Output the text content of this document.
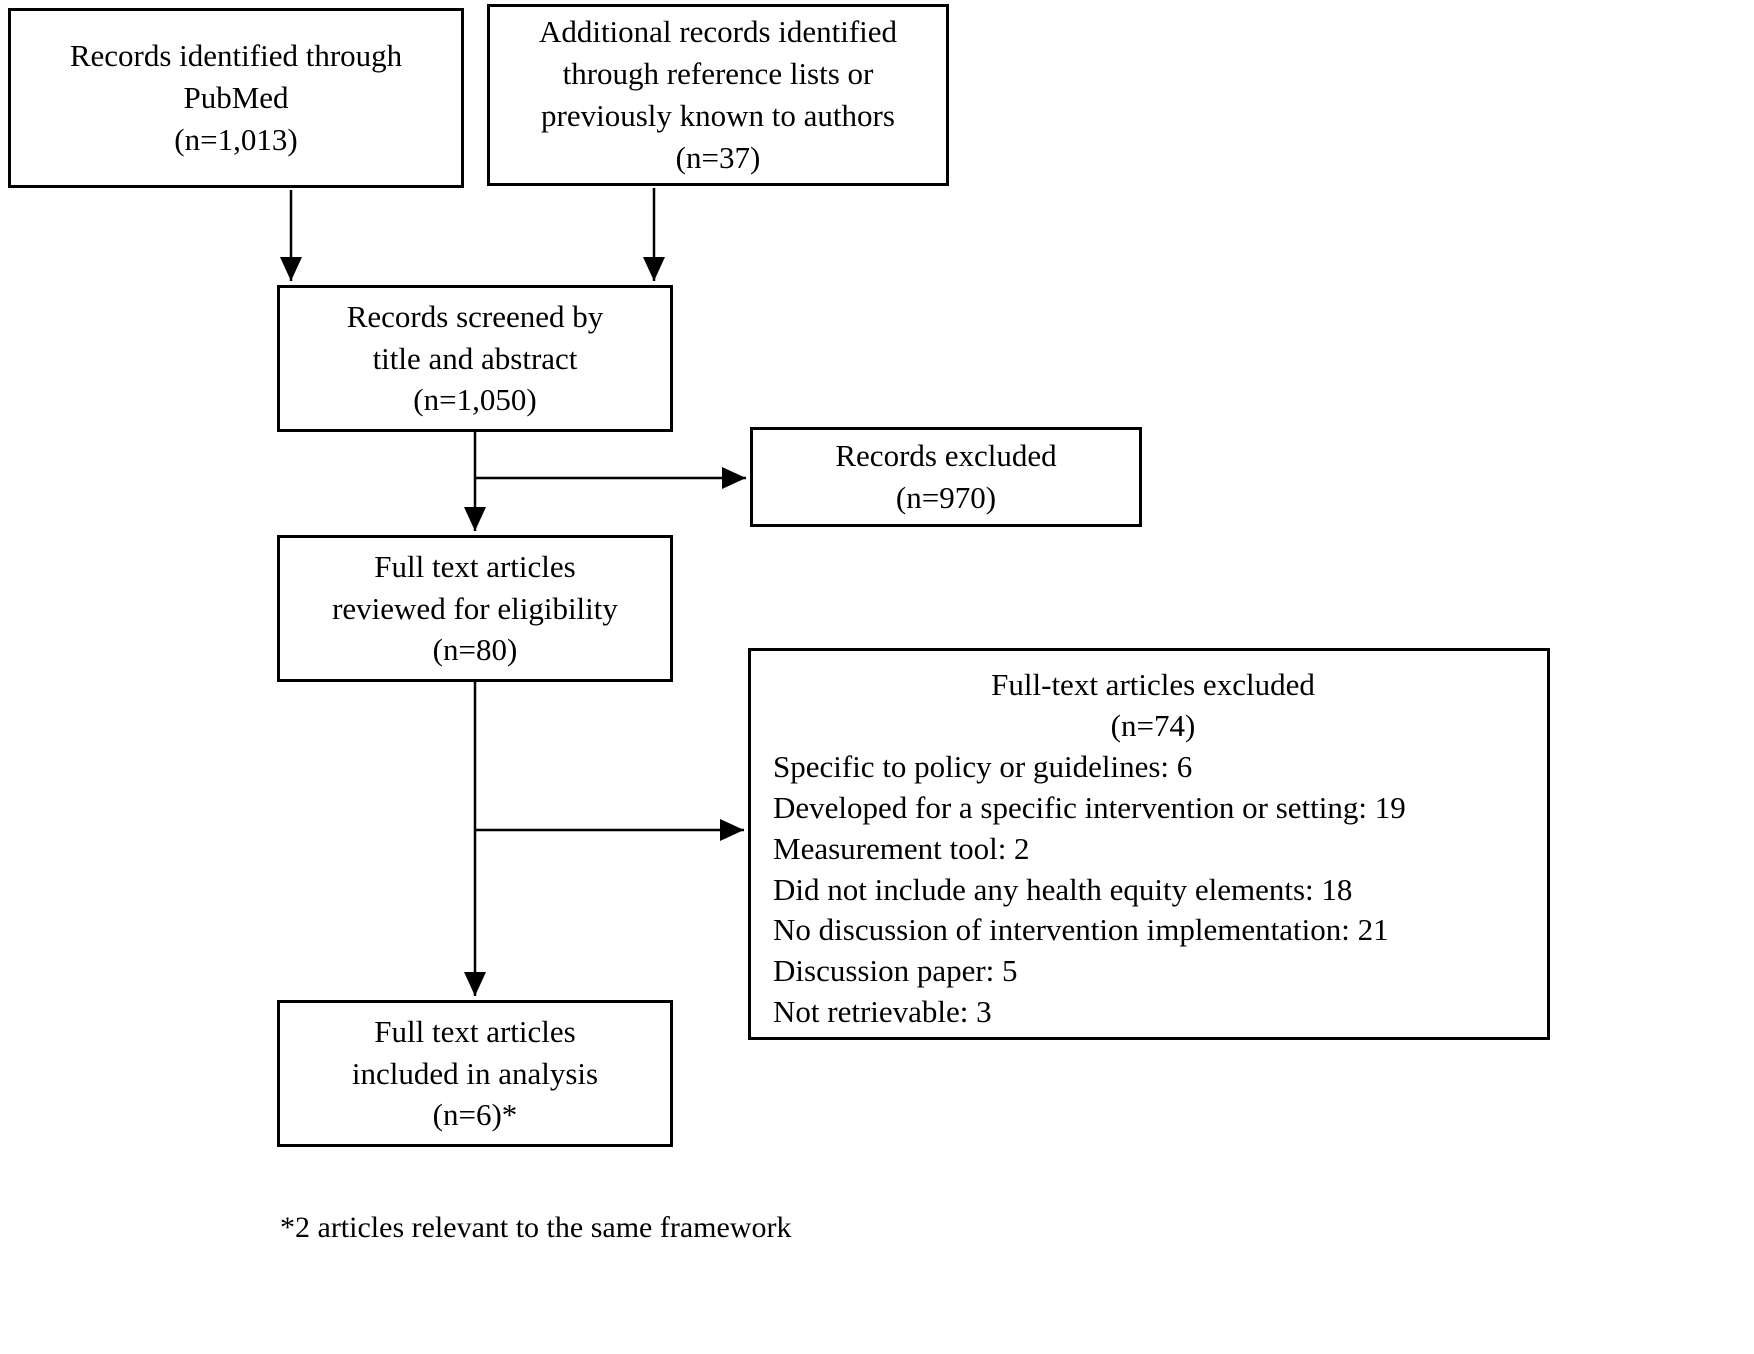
Records identified through
PubMed
(n=1,013)
Additional records identified
through reference lists or
previously known to authors
(n=37)
Records screened by
title and abstract
(n=1,050)
Records excluded
(n=970)
Full text articles
reviewed for eligibility
(n=80)
Full-text articles excluded
(n=74)
Specific to policy or guidelines: 6
Developed for a specific intervention or setting: 19
Measurement tool: 2
Did not include any health equity elements: 18
No discussion of intervention implementation: 21
Discussion paper: 5
Not retrievable: 3
Full text articles
included in analysis
(n=6)*
*2 articles relevant to the same framework
